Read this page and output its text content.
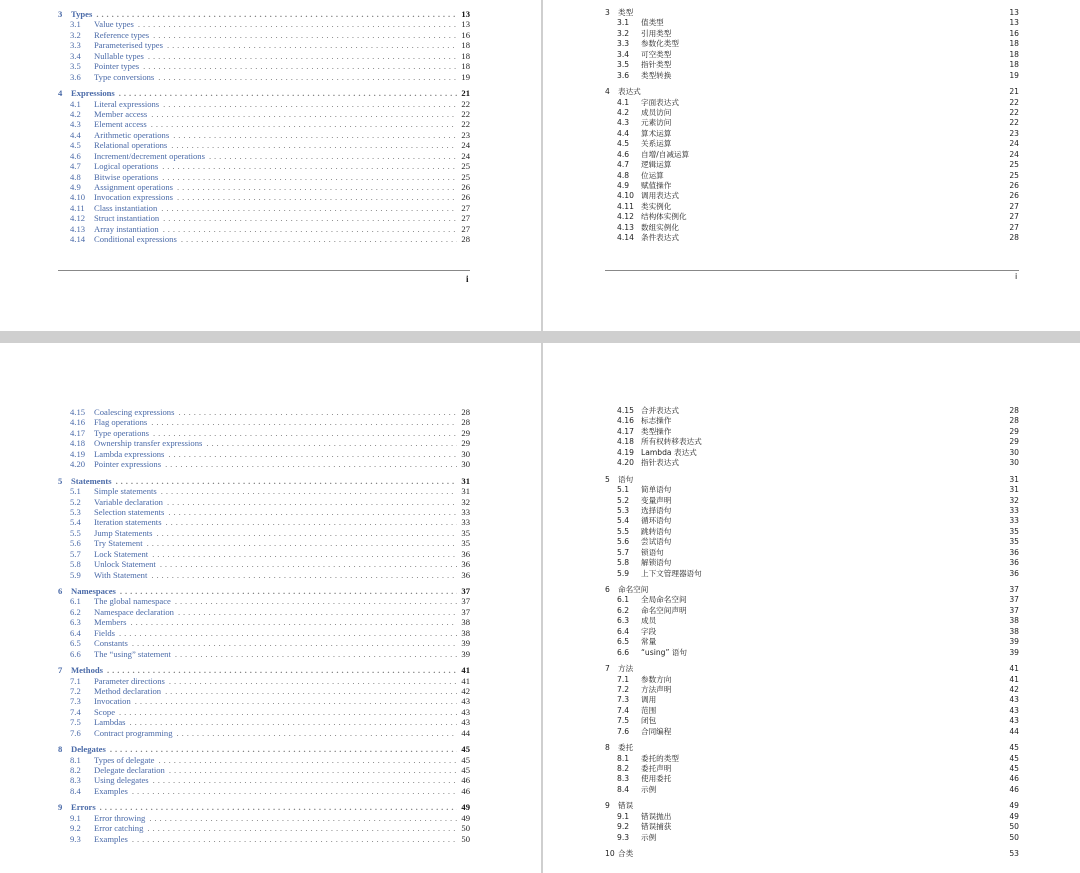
3	Types . . .	13
3.1	Value types . . .	13
3.2	Reference types . . .	16
3.3	Parameterised types . . .	18
3.4	Nullable types . . .	18
3.5	Pointer types . . .	18
3.6	Type conversions . . .	19
4	Expressions . . .	21
4.1	Literal expressions . . .	22
4.2	Member access . . .	22
4.3	Element access . . .	22
4.4	Arithmetic operations . . .	23
4.5	Relational operations . . .	24
4.6	Increment/decrement operations . . .	24
4.7	Logical operations . . .	25
4.8	Bitwise operations . . .	25
4.9	Assignment operations . . .	26
4.10	Invocation expressions . . .	26
4.11	Class instantiation . . .	27
4.12	Struct instantiation . . .	27
4.13	Array instantiation . . .	27
4.14	Conditional expressions . . .	28
i
3	类型	13
3.1	值类型	13
3.2	引用类型	16
3.3	参数化类型	18
3.4	可空类型	18
3.5	指针类型	18
3.6	类型转换	19
4	表达式	21
4.1	字面表达式	22
4.2	成员访问	22
4.3	元素访问	22
4.4	算术运算	23
4.5	关系运算	24
4.6	自增/自减运算	24
4.7	逻辑运算	25
4.8	位运算	25
4.9	赋值操作	26
4.10 调用表达式	26
4.11 类实例化	27
4.12 结构体实例化	27
4.13 数组实例化	27
4.14 条件表达式	28
i
4.15	Coalescing expressions . . .	28
4.16	Flag operations . . .	28
4.17	Type operations . . .	29
4.18	Ownership transfer expressions . . .	29
4.19	Lambda expressions . . .	30
4.20	Pointer expressions . . .	30
5	Statements . . .	31
5.1	Simple statements . . .	31
5.2	Variable declaration . . .	32
5.3	Selection statements . . .	33
5.4	Iteration statements . . .	33
5.5	Jump Statements . . .	35
5.6	Try Statement . . .	35
5.7	Lock Statement . . .	36
5.8	Unlock Statement . . .	36
5.9	With Statement . . .	36
6	Namespaces . . .	37
6.1	The global namespace . . .	37
6.2	Namespace declaration . . .	37
6.3	Members . . .	38
6.4	Fields . . .	38
6.5	Constants . . .	39
6.6	The “using” statement . . .	39
7	Methods . . .	41
7.1	Parameter directions . . .	41
7.2	Method declaration . . .	42
7.3	Invocation . . .	43
7.4	Scope . . .	43
7.5	Lambdas . . .	43
7.6	Contract programming . . .	44
8	Delegates . . .	45
8.1	Types of delegate . . .	45
8.2	Delegate declaration . . .	45
8.3	Using delegates . . .	46
8.4	Examples . . .	46
9	Errors . . .	49
9.1	Error throwing . . .	49
9.2	Error catching . . .	50
9.3	Examples . . .	50
4.15 合并表达式	28
4.16 标志操作	28
4.17 类型操作	29
4.18 所有权转移表达式	29
4.19 Lambda 表达式	30
4.20 指针表达式	30
5	语句	31
5.1	简单语句	31
5.2	变量声明	32
5.3	选择语句	33
5.4	循环语句	33
5.5	跳转语句	35
5.6	尝试语句	35
5.7	锁语句	36
5.8	解锁语句	36
5.9	上下文管理器语句	36
6	命名空间	37
6.1	全局命名空间	37
6.2	命名空间声明	37
6.3	成员	38
6.4	字段	38
6.5	常量	39
6.6	“using” 语句	39
7	方法	41
7.1	参数方向	41
7.2	方法声明	42
7.3	调用	43
7.4	范围	43
7.5	闭包	43
7.6	合同编程	44
8	委托	45
8.1	委托的类型	45
8.2	委托声明	45
8.3	使用委托	46
8.4	示例	46
9	错误	49
9.1	错误抛出	49
9.2	错误捕获	50
9.3	示例	50
10 合类	53
